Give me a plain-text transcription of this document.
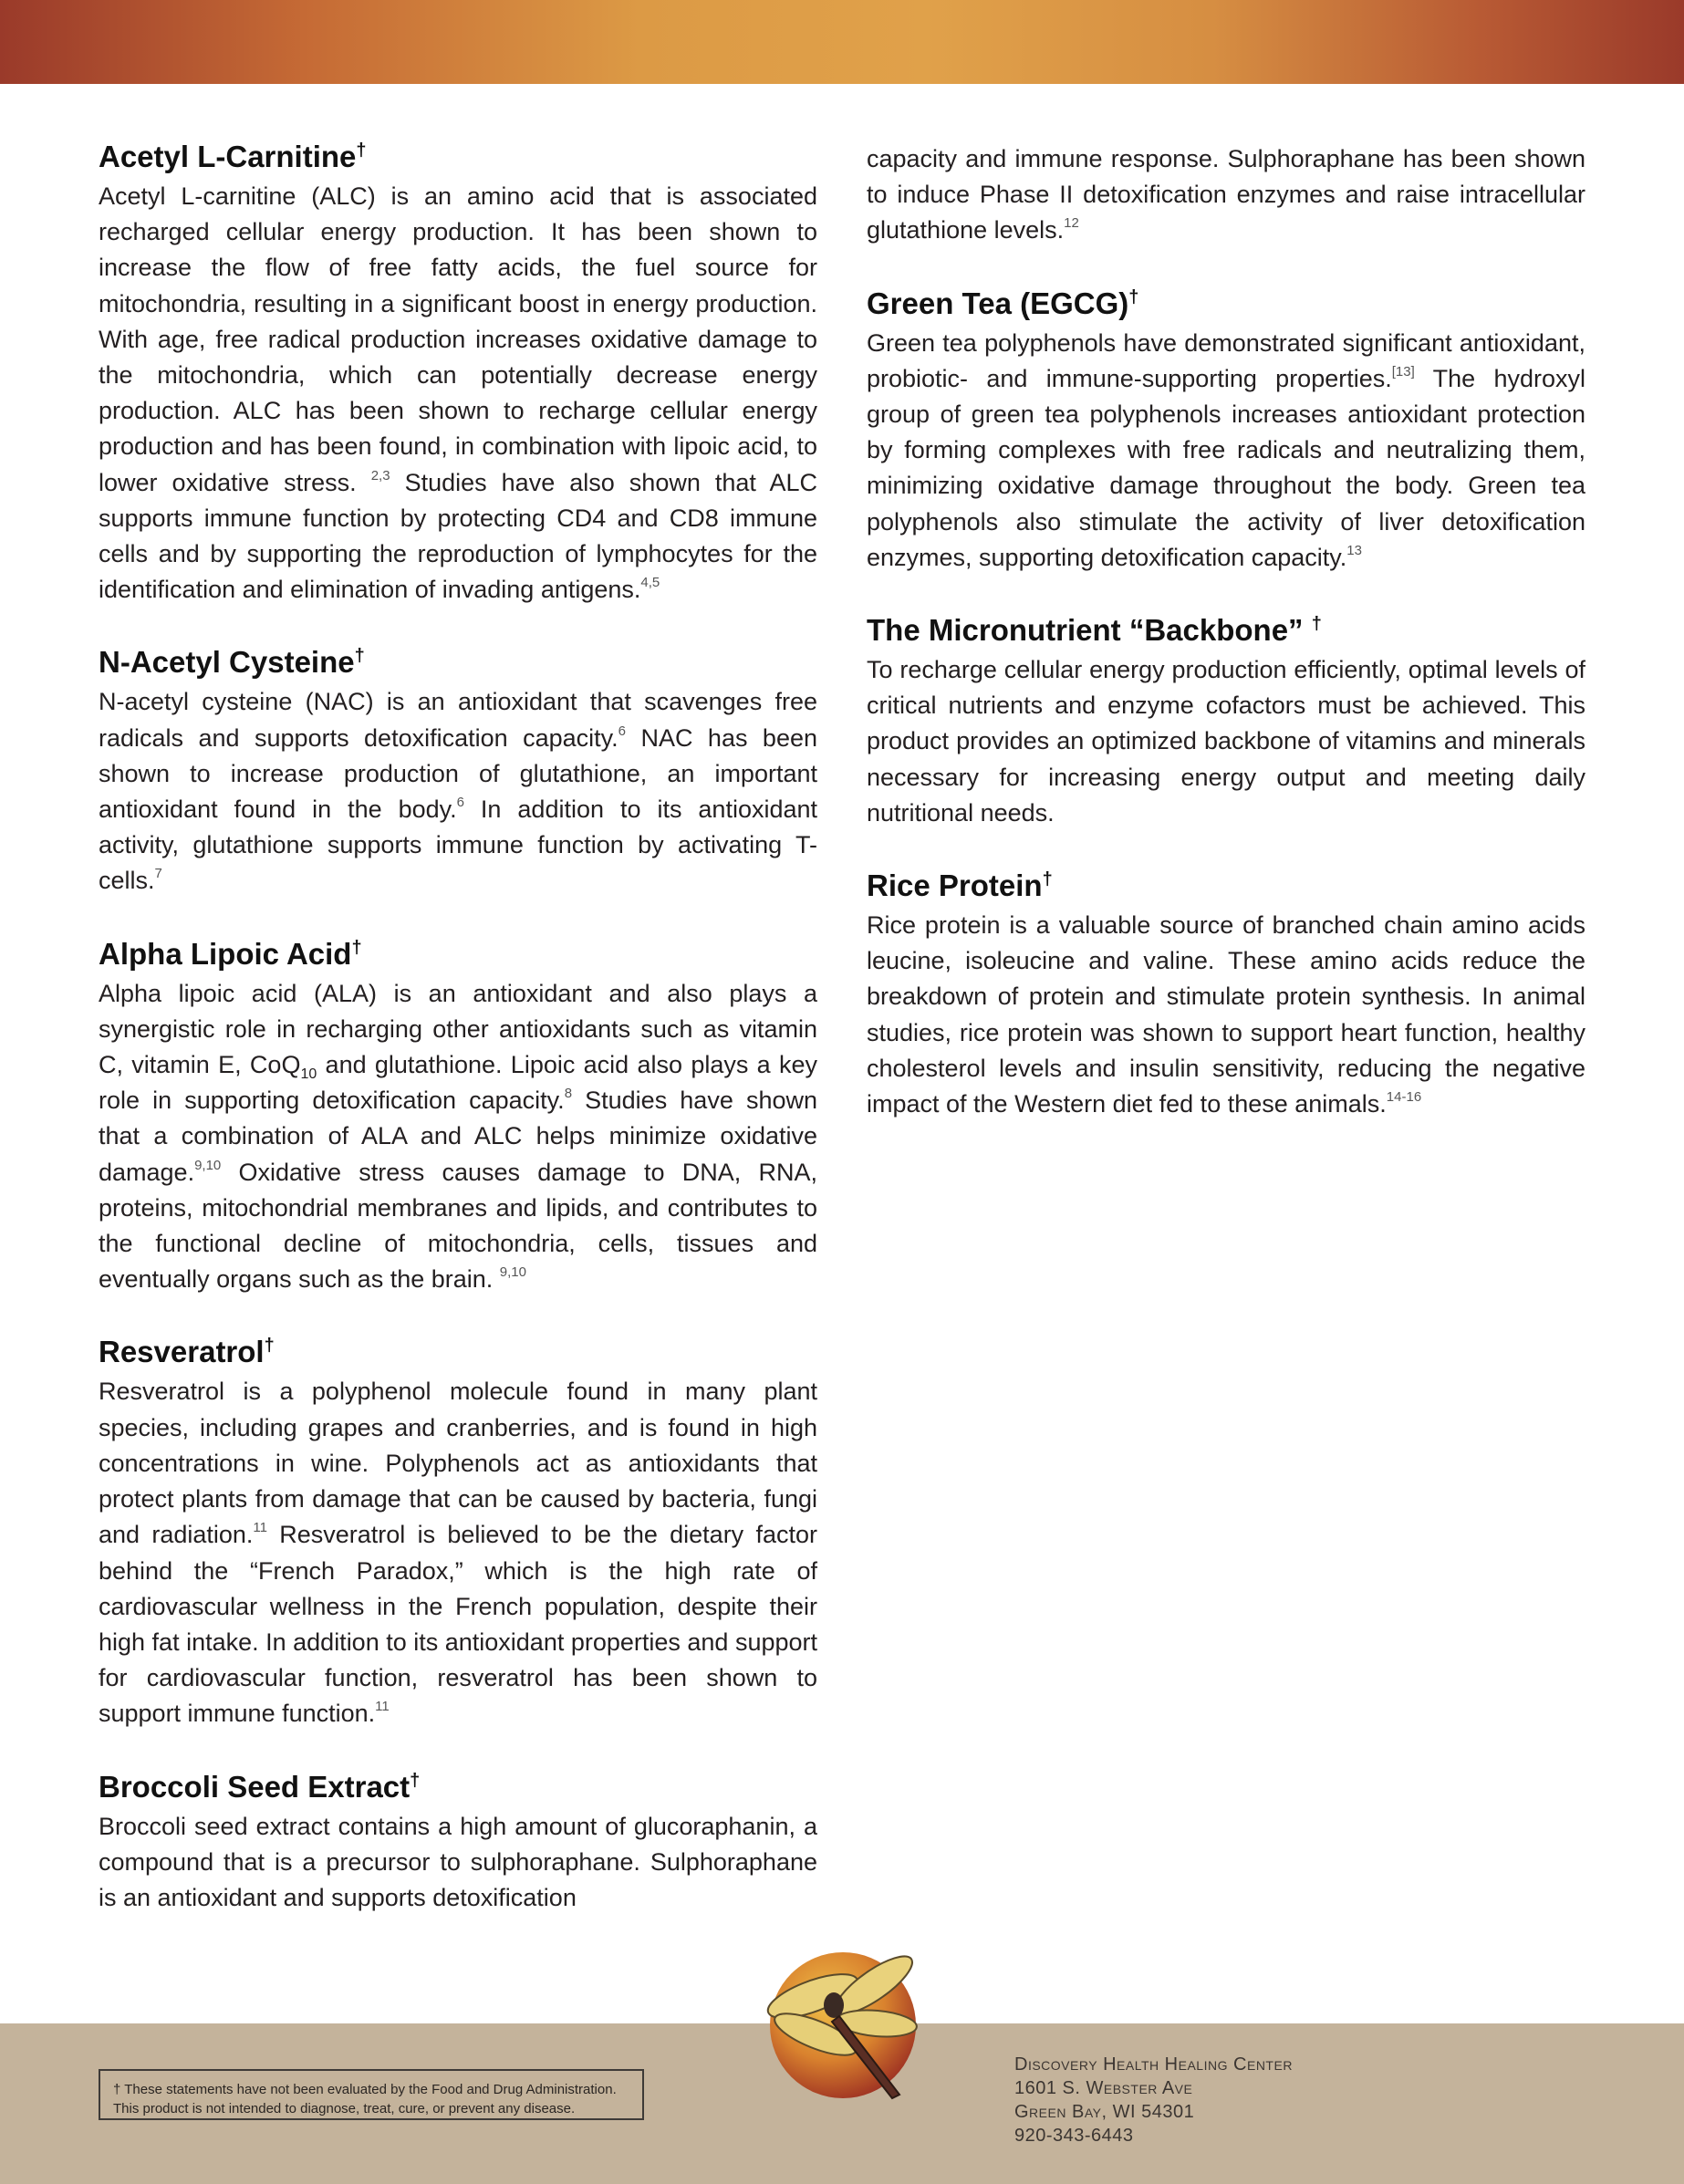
Acetyl L-Carnitine†

Acetyl L-carnitine (ALC) is an amino acid that is associated recharged cellular energy production. It has been shown to increase the flow of free fatty acids, the fuel source for mitochondria, resulting in a significant boost in energy production. With age, free radical production increases oxidative damage to the mitochondria, which can potentially decrease energy production. ALC has been shown to recharge cellular energy production and has been found, in combination with lipoic acid, to lower oxidative stress. $^{2,3}$ Studies have also shown that ALC supports immune function by protecting CD4 and CD8 immune cells and by supporting the reproduction of lymphocytes for the identification and elimination of invading antigens.$^{4,5}$

N-Acetyl Cysteine†

N-acetyl cysteine (NAC) is an antioxidant that scavenges free radicals and supports detoxification capacity.$^6$ NAC has been shown to increase production of glutathione, an important antioxidant found in the body.$^6$ In addition to its antioxidant activity, glutathione supports immune function by activating T-cells.$^7$

Alpha Lipoic Acid†

Alpha lipoic acid (ALA) is an antioxidant and also plays a synergistic role in recharging other antioxidants such as vitamin C, vitamin E, CoQ$_{10}$ and glutathione. Lipoic acid also plays a key role in supporting detoxification capacity.$^8$ Studies have shown that a combination of ALA and ALC helps minimize oxidative damage.$^{9,10}$ Oxidative stress causes damage to DNA, RNA, proteins, mitochondrial membranes and lipids, and contributes to the functional decline of mitochondria, cells, tissues and eventually organs such as the brain. $^{9,10}$

Resveratrol†

Resveratrol is a polyphenol molecule found in many plant species, including grapes and cranberries, and is found in high concentrations in wine. Polyphenols act as antioxidants that protect plants from damage that can be caused by bacteria, fungi and radiation.$^{11}$ Resveratrol is believed to be the dietary factor behind the “French Paradox,” which is the high rate of cardiovascular wellness in the French population, despite their high fat intake. In addition to its antioxidant properties and support for cardiovascular function, resveratrol has been shown to support immune function.$^{11}$

Broccoli Seed Extract†

Broccoli seed extract contains a high amount of glucoraphanin, a compound that is a precursor to sulphoraphane. Sulphoraphane is an antioxidant and supports detoxification

capacity and immune response. Sulphoraphane has been shown to induce Phase II detoxification enzymes and raise intracellular glutathione levels.$^{12}$

Green Tea (EGCG)†

Green tea polyphenols have demonstrated significant antioxidant, probiotic- and immune-supporting properties.[13] The hydroxyl group of green tea polyphenols increases antioxidant protection by forming complexes with free radicals and neutralizing them, minimizing oxidative damage throughout the body. Green tea polyphenols also stimulate the activity of liver detoxification enzymes, supporting detoxification capacity.$^{13}$

The Micronutrient “Backbone” †

To recharge cellular energy production efficiently, optimal levels of critical nutrients and enzyme cofactors must be achieved. This product provides an optimized backbone of vitamins and minerals necessary for increasing energy output and meeting daily nutritional needs.

Rice Protein†

Rice protein is a valuable source of branched chain amino acids leucine, isoleucine and valine. These amino acids reduce the breakdown of protein and stimulate protein synthesis. In animal studies, rice protein was shown to support heart function, healthy cholesterol levels and insulin sensitivity, reducing the negative impact of the Western diet fed to these animals.$^{14-16}$

† These statements have not been evaluated by the Food and Drug Administration.
This product is not intended to diagnose, treat, cure, or prevent any disease.
Discovery Health Healing Center
1601 S. Webster Ave
Green Bay, WI 54301
920-343-6443
